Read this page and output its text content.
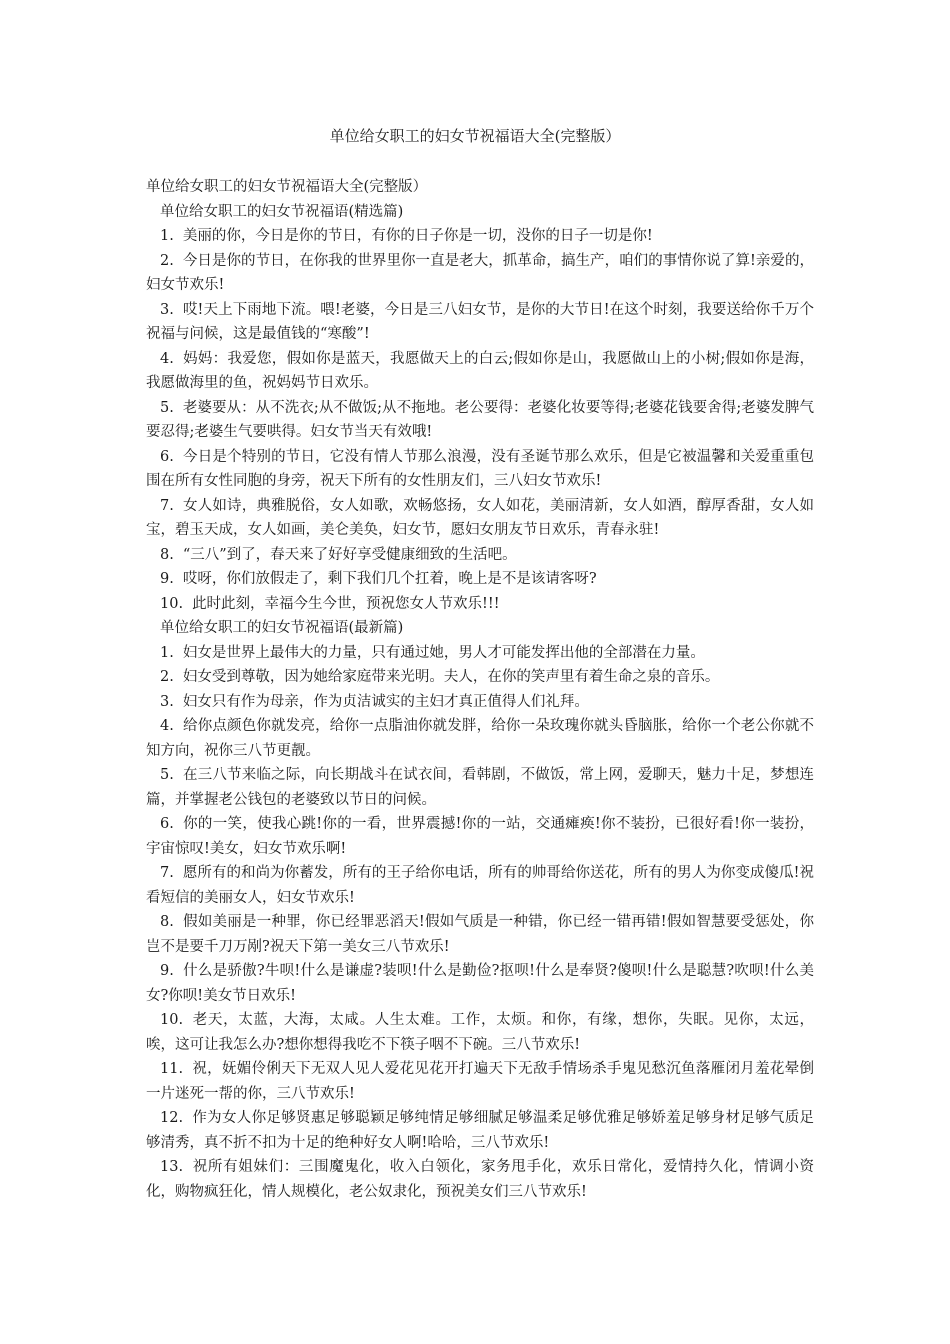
单位给女职工的妇女节祝福语大全(完整版）

单位给女职工的妇女节祝福语大全(完整版）

单位给女职工的妇女节祝福语(精选篇)

1. 美丽的你，今日是你的节日，有你的日子你是一切，没你的日子一切是你!

2. 今日是你的节日，在你我的世界里你一直是老大，抓革命，搞生产，咱们的事情你说了算!亲爱的，妇女节欢乐!

3. 哎!天上下雨地下流。喂!老婆，今日是三八妇女节，是你的大节日!在这个时刻，我要送给你千万个祝福与问候，这是最值钱的“寒酸”!

4. 妈妈：我爱您，假如你是蓝天，我愿做天上的白云;假如你是山，我愿做山上的小树;假如你是海，我愿做海里的鱼，祝妈妈节日欢乐。

5. 老婆要从：从不洗衣;从不做饭;从不拖地。老公要得：老婆化妆要等得;老婆花钱要舍得;老婆发脾气要忍得;老婆生气要哄得。妇女节当天有效哦!

6. 今日是个特别的节日，它没有情人节那么浪漫，没有圣诞节那么欢乐，但是它被温馨和关爱重重包围在所有女性同胞的身旁，祝天下所有的女性朋友们，三八妇女节欢乐!

7. 女人如诗，典雅脱俗，女人如歌，欢畅悠扬，女人如花，美丽清新，女人如酒，醇厚香甜，女人如宝，碧玉天成，女人如画，美仑美奂，妇女节，愿妇女朋友节日欢乐，青春永驻!

8. “三八”到了，春天来了好好享受健康细致的生活吧。

9. 哎呀，你们放假走了，剩下我们几个扛着，晚上是不是该请客呀?

10. 此时此刻，幸福今生今世，预祝您女人节欢乐!!!

单位给女职工的妇女节祝福语(最新篇)

1. 妇女是世界上最伟大的力量，只有通过她，男人才可能发挥出他的全部潜在力量。

2. 妇女受到尊敬，因为她给家庭带来光明。夫人，在你的笑声里有着生命之泉的音乐。

3. 妇女只有作为母亲，作为贞洁诚实的主妇才真正值得人们礼拜。

4. 给你点颜色你就发亮，给你一点脂油你就发胖，给你一朵玫瑰你就头昏脑胀，给你一个老公你就不知方向，祝你三八节更靓。

5. 在三八节来临之际，向长期战斗在试衣间，看韩剧，不做饭，常上网，爱聊天，魅力十足，梦想连篇，并掌握老公钱包的老婆致以节日的问候。

6. 你的一笑，使我心跳!你的一看，世界震撼!你的一站，交通瘫痪!你不装扮，已很好看!你一装扮，宇宙惊叹!美女，妇女节欢乐啊!

7. 愿所有的和尚为你蓄发，所有的王子给你电话，所有的帅哥给你送花，所有的男人为你变成傻瓜!祝看短信的美丽女人，妇女节欢乐!

8. 假如美丽是一种罪，你已经罪恶滔天!假如气质是一种错，你已经一错再错!假如智慧要受惩处，你岂不是要千刀万剐?祝天下第一美女三八节欢乐!

9. 什么是骄傲?牛呗!什么是谦虚?装呗!什么是勤俭?抠呗!什么是奉贤?傻呗!什么是聪慧?吹呗!什么美女?你呗!美女节日欢乐!

10. 老天，太蓝，大海，太咸。人生太难。工作，太烦。和你，有缘，想你，失眠。见你，太远，唉，这可让我怎么办?想你想得我吃不下筷子咽不下碗。三八节欢乐!

11. 祝，妩媚伶俐天下无双人见人爱花见花开打遍天下无敌手情场杀手鬼见愁沉鱼落雁闭月羞花晕倒一片迷死一帮的你，三八节欢乐!

12. 作为女人你足够贤惠足够聪颖足够纯情足够细腻足够温柔足够优雅足够娇羞足够身材足够气质足够清秀，真不折不扣为十足的绝种好女人啊!哈哈，三八节欢乐!

13. 祝所有姐妹们：三围魔鬼化，收入白领化，家务甩手化，欢乐日常化，爱情持久化，情调小资化，购物疯狂化，情人规模化，老公奴隶化，预祝美女们三八节欢乐!
